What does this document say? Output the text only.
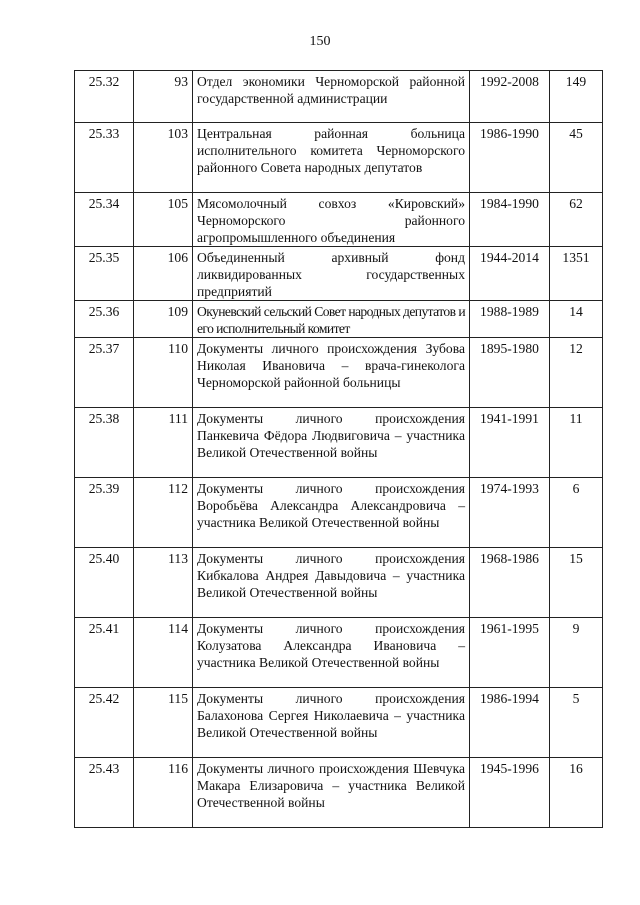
150
25.32	93	Отдел экономики Черноморской районной государственной администрации	1992-2008	149
25.33	103	Центральная районная больница исполнительного комитета Черноморского районного Совета народных депутатов	1986-1990	45
25.34	105	Мясомолочный совхоз «Кировский» Черноморского районного агропромышленного объединения	1984-1990	62
25.35	106	Объединенный архивный фонд ликвидированных государственных предприятий	1944-2014	1351
25.36	109	Окуневский сельский Совет народных депутатов и его исполнительный комитет	1988-1989	14
25.37	110	Документы личного происхождения Зубова Николая Ивановича – врача-гинеколога Черноморской районной больницы	1895-1980	12
25.38	111	Документы личного происхождения Панкевича Фёдора Людвиговича – участника Великой Отечественной войны	1941-1991	11
25.39	112	Документы личного происхождения Воробьёва Александра Александровича – участника Великой Отечественной войны	1974-1993	6
25.40	113	Документы личного происхождения Кибкалова Андрея Давыдовича – участника Великой Отечественной войны	1968-1986	15
25.41	114	Документы личного происхождения Колузатова Александра Ивановича – участника Великой Отечественной войны	1961-1995	9
25.42	115	Документы личного происхождения Балахонова Сергея Николаевича – участника Великой Отечественной войны	1986-1994	5
25.43	116	Документы личного происхождения Шевчука Макара Елизаровича – участника Великой Отечественной войны	1945-1996	16
